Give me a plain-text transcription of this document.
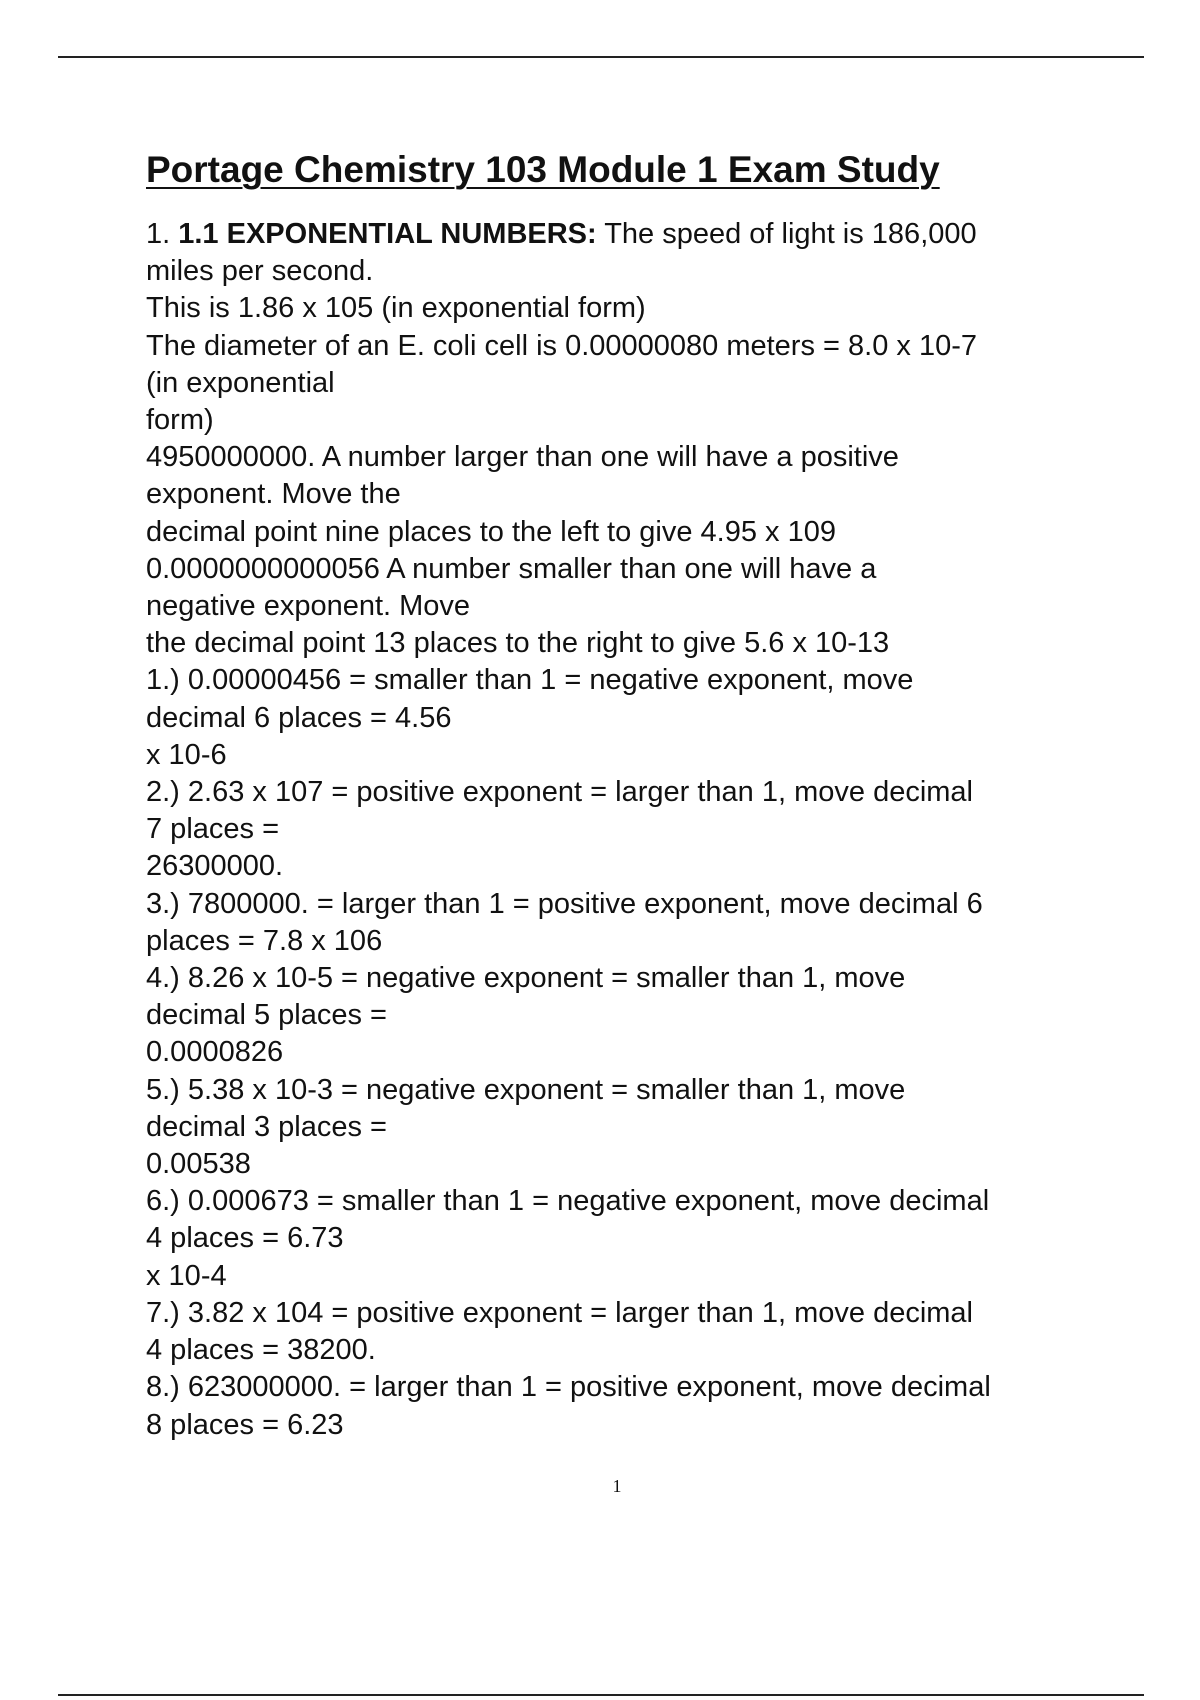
Portage Chemistry 103 Module 1 Exam Study
1. 1.1 EXPONENTIAL NUMBERS: The speed of light is 186,000
miles per second.
This is 1.86 x 105 (in exponential form)
The diameter of an E. coli cell is 0.00000080 meters = 8.0 x 10-7
(in exponential
form)
4950000000. A number larger than one will have a positive
exponent. Move the
decimal point nine places to the left to give 4.95 x 109
0.0000000000056 A number smaller than one will have a
negative exponent. Move
the decimal point 13 places to the right to give 5.6 x 10-13
1.) 0.00000456 = smaller than 1 = negative exponent, move
decimal 6 places = 4.56
x 10-6
2.) 2.63 x 107 = positive exponent = larger than 1, move decimal
7 places =
26300000.
3.) 7800000. = larger than 1 = positive exponent, move decimal 6
places = 7.8 x 106
4.) 8.26 x 10-5 = negative exponent = smaller than 1, move
decimal 5 places =
0.0000826
5.) 5.38 x 10-3 = negative exponent = smaller than 1, move
decimal 3 places =
0.00538
6.) 0.000673 = smaller than 1 = negative exponent, move decimal
4 places = 6.73
x 10-4
7.) 3.82 x 104 = positive exponent = larger than 1, move decimal
4 places = 38200.
8.) 623000000. = larger than 1 = positive exponent, move decimal
8 places = 6.23
1
